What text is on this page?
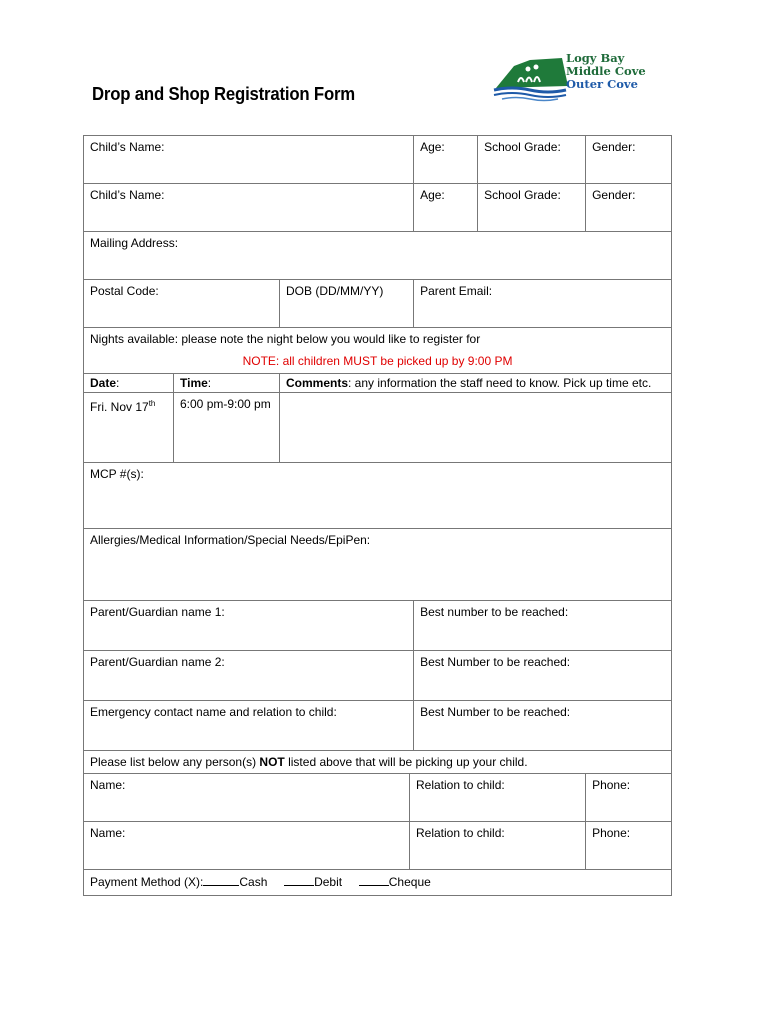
Drop and Shop Registration Form
Logy Bay
Middle Cove
Outer Cove
Child’s Name:				Age:	School Grade:	Gender:
Child’s Name:				Age:	School Grade:	Gender:
Mailing Address:						
Postal Code:		DOB (DD/MM/YY)		Parent Email:		
Nights available: please note the night below you would like to register for
NOTE: all children MUST be picked up by 9:00 PM						

Date:	Time:	Comments: any information the staff need to know. Pick up time etc.				
Fri. Nov 17th	6:00 pm-9:00 pm					
MCP #(s):						
Allergies/Medical Information/Special Needs/EpiPen:						
Parent/Guardian name 1:				Best number to be reached:		
Parent/Guardian name 2:				Best Number to be reached:		
Emergency contact name and relation to child:				Best Number to be reached:		
Please list below any person(s) NOT listed above that will be picking up your child.						
Name:			Relation to child:			Phone:
Name:			Relation to child:			Phone:
Payment Method (X): Cash Debit Cheque						
